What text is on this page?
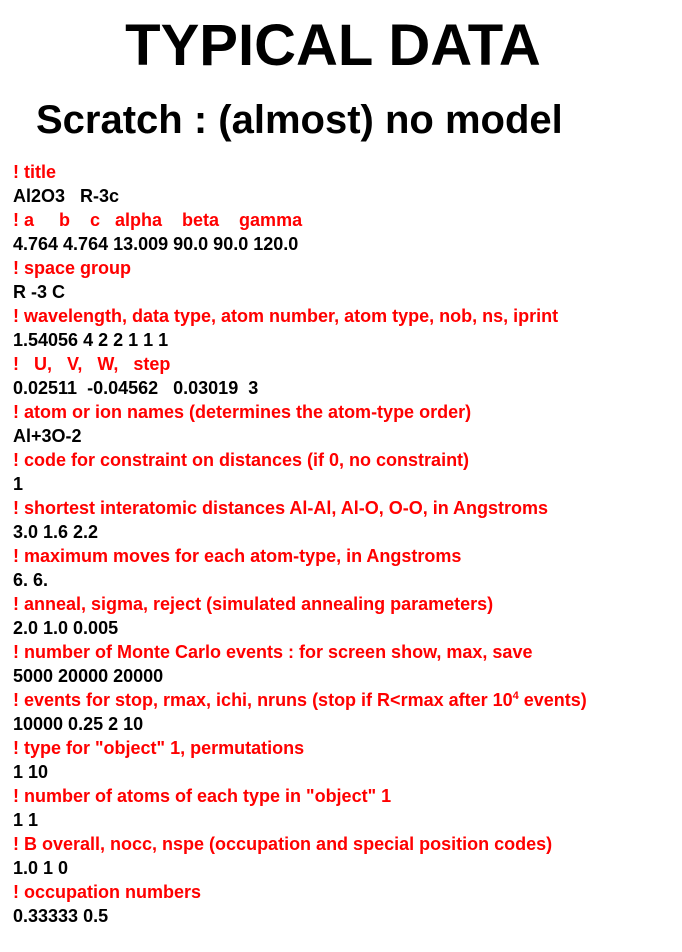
TYPICAL DATA
Scratch : (almost) no model
! title
Al2O3   R-3c
! a     b    c   alpha    beta    gamma
4.764 4.764 13.009 90.0 90.0 120.0
! space group
R -3 C
! wavelength, data type, atom number, atom type, nob, ns, iprint
1.54056 4 2 2 1 1 1
!   U,   V,   W,   step
0.02511  -0.04562   0.03019  3
! atom or ion names (determines the atom-type order)
Al+3O-2
! code for constraint on distances (if 0, no constraint)
1
! shortest interatomic distances Al-Al, Al-O, O-O, in Angstroms
3.0 1.6 2.2
! maximum moves for each atom-type, in Angstroms
6. 6.
! anneal, sigma, reject (simulated annealing parameters)
2.0 1.0 0.005
! number of Monte Carlo events : for screen show, max, save
5000 20000 20000
! events for stop, rmax, ichi, nruns (stop if R<rmax after $10^4$ events)
10000 0.25 2 10
! type for "object" 1, permutations
1 10
! number of atoms of each type in "object" 1
1 1
! B overall, nocc, nspe (occupation and special position codes)
1.0 1 0
! occupation numbers
0.33333 0.5
